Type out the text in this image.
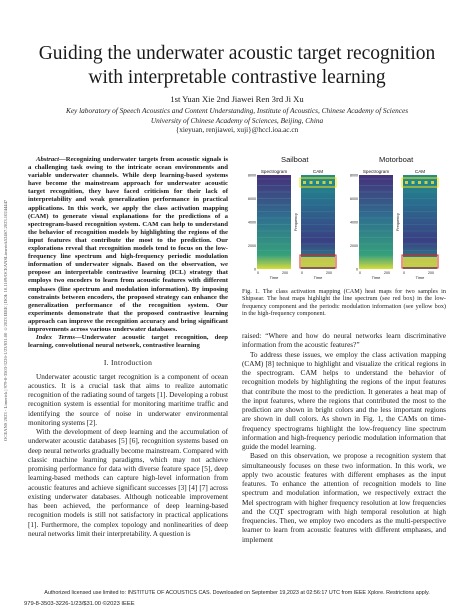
OCEANS 2023 - Limerick | 979-8-3503-3226-1/23/$31.00 ©2023 IEEE | DOI: 10.1109/OCEANSLimerick52467.2023.10244447
Guiding the underwater acoustic target recognition with interpretable contrastive learning
1st Yuan Xie 2nd Jiawei Ren 3rd Ji Xu
Key laboratory of Speech Acoustics and Content Understanding, Institute of Acoustics, Chinese Academy of Sciences
University of Chinese Academy of Sciences, Beijing, China
{xieyuan, renjiawei, xuji}@hccl.ioa.ac.cn

Abstract—Recognizing underwater targets from acoustic signals is a challenging task owing to the intricate ocean environments and variable underwater channels. While deep learning-based systems have become the mainstream approach for underwater acoustic target recognition, they have faced criticism for their lack of interpretability and weak generalization performance in practical applications. In this work, we apply the class activation mapping (CAM) to generate visual explanations for the predictions of a spectrogram-based recognition system. CAM can help to understand the behavior of recognition models by highlighting the regions of the input features that contribute the most to the prediction. Our explorations reveal that recognition models tend to focus on the low-frequency line spectrum and high-frequency periodic modulation information of underwater signals. Based on the observation, we propose an interpretable contrastive learning (ICL) strategy that employs two encoders to learn from acoustic features with different emphases (line spectrum and modulation information). By imposing constraints between encoders, the proposed strategy can enhance the generalization performance of the recognition system. Our experiments demonstrate that the proposed contrastive learning approach can improve the recognition accuracy and bring significant improvements across various underwater databases.

Index Terms—Underwater acoustic target recognition, deep learning, convolutional neural network, contrastive learning

I. Introduction

Underwater acoustic target recognition is a component of ocean acoustics. It is a crucial task that aims to realize automatic recognition of the radiating sound of targets [1]. Developing a robust recognition system is essential for monitoring maritime traffic and identifying the source of noise in underwater environmental monitoring systems [2].

With the development of deep learning and the accumulation of underwater acoustic databases [5] [6], recognition systems based on deep neural networks gradually become mainstream. Compared with classic machine learning paradigms, which may not achieve promising performance for data with diverse feature space [5], deep learning-based methods can capture high-level information from acoustic features and achieve significant successes [3] [4] [7] across existing underwater databases. Although noticeable improvement has been achieved, the performance of deep learning-based recognition models is still not satisfactory in practical applications [1]. Furthermore, the complex topology and nonlinearities of deep neural networks limit their interpretability. A question is

Sailboat	Motorboat
Spectrogram
8000
6000
4000
2000
0
0	200
Time
CAM
Frequency
0	200
Time
Spectrogram
8000
6000
4000
2000
0
0	200
Time
CAM
Frequency
0	200
Time
Fig. 1. The class activation mapping (CAM) heat maps for two samples in Shipsear. The heat maps highlight the line spectrum (see red box) in the low-frequency component and the periodic modulation information (see yellow box) in the high-frequency component.

raised: “Where and how do neural networks learn discriminative information from the acoustic features?”

To address these issues, we employ the class activation mapping (CAM) [8] technique to highlight and visualize the critical regions in the spectrogram. CAM helps to understand the behavior of recognition models by highlighting the regions of the input features that contribute the most to the prediction. It generates a heat map of the input features, where the regions that contributed the most to the prediction are shown in bright colors and the less important regions are shown in dull colors. As shown in Fig. 1, the CAMs on time-frequency spectrograms highlight the low-frequency line spectrum information and high-frequency periodic modulation information that guide the model learning.

Based on this observation, we propose a recognition system that simultaneously focuses on these two information. In this work, we apply two acoustic features with different emphases as the input features. To enhance the attention of recognition models to line spectrum and modulation information, we respectively extract the Mel spectrogram with higher frequency resolution at low frequencies and the CQT spectrogram with high temporal resolution at high frequencies. Then, we employ two encoders as the multi-perspective learner to learn from acoustic features with different emphases, and implement

Authorized licensed use limited to: INSTITUTE OF ACOUSTICS CAS. Downloaded on September 19,2023 at 02:56:17 UTC from IEEE Xplore. Restrictions apply.
979-8-3503-3226-1/23/$31.00 ©2023 IEEE
